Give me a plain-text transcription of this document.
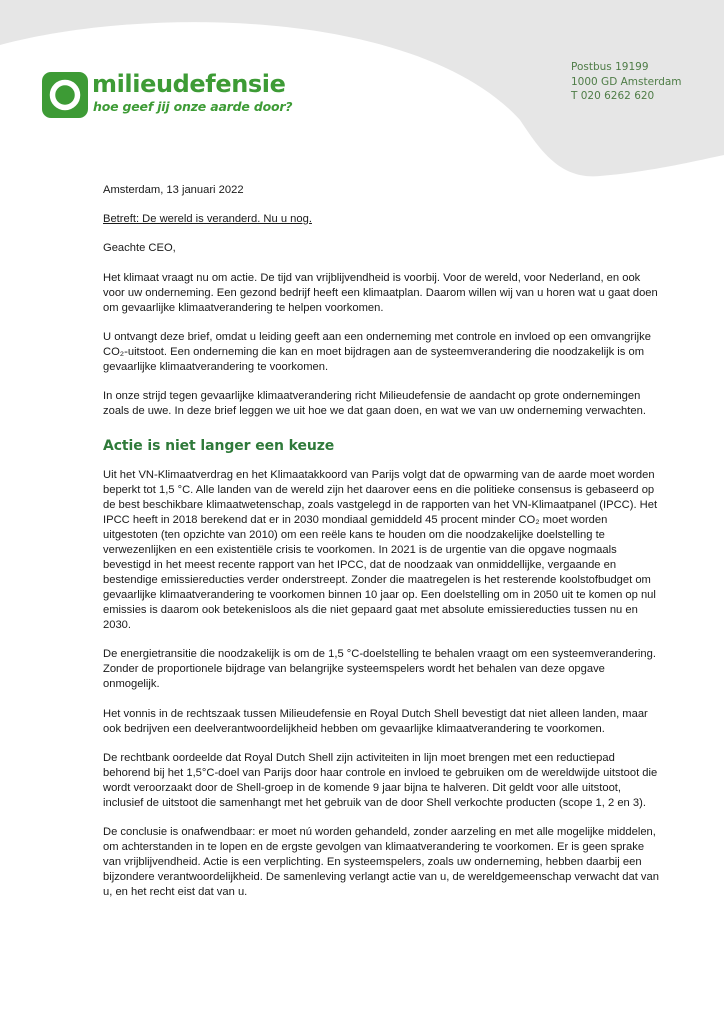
milieudefensie
hoe geef jij onze aarde door?
Postbus 19199
1000 GD Amsterdam
T 020 6262 620

Amsterdam, 13 januari 2022

Betreft: De wereld is veranderd. Nu u nog.

Geachte CEO,

Het klimaat vraagt nu om actie. De tijd van vrijblijvendheid is voorbij. Voor de wereld, voor Nederland, en ook voor uw onderneming. Een gezond bedrijf heeft een klimaatplan. Daarom willen wij van u horen wat u gaat doen om gevaarlijke klimaatverandering te helpen voorkomen.

U ontvangt deze brief, omdat u leiding geeft aan een onderneming met controle en invloed op een omvangrijke CO₂-uitstoot. Een onderneming die kan en moet bijdragen aan de systeemverandering die noodzakelijk is om gevaarlijke klimaatverandering te voorkomen.

In onze strijd tegen gevaarlijke klimaatverandering richt Milieudefensie de aandacht op grote ondernemingen zoals de uwe. In deze brief leggen we uit hoe we dat gaan doen, en wat we van uw onderneming verwachten.

Actie is niet langer een keuze

Uit het VN-Klimaatverdrag en het Klimaatakkoord van Parijs volgt dat de opwarming van de aarde moet worden beperkt tot 1,5 °C. Alle landen van de wereld zijn het daarover eens en die politieke consensus is gebaseerd op de best beschikbare klimaatwetenschap, zoals vastgelegd in de rapporten van het VN-Klimaatpanel (IPCC). Het IPCC heeft in 2018 berekend dat er in 2030 mondiaal gemiddeld 45 procent minder CO₂ moet worden uitgestoten (ten opzichte van 2010) om een reële kans te houden om die noodzakelijke doelstelling te verwezenlijken en een existentiële crisis te voorkomen. In 2021 is de urgentie van die opgave nogmaals bevestigd in het meest recente rapport van het IPCC, dat de noodzaak van onmiddellijke, vergaande en bestendige emissiereducties verder onderstreept. Zonder die maatregelen is het resterende koolstofbudget om gevaarlijke klimaatverandering te voorkomen binnen 10 jaar op. Een doelstelling om in 2050 uit te komen op nul emissies is daarom ook betekenisloos als die niet gepaard gaat met absolute emissiereducties tussen nu en 2030.

De energietransitie die noodzakelijk is om de 1,5 °C-doelstelling te behalen vraagt om een systeemverandering. Zonder de proportionele bijdrage van belangrijke systeemspelers wordt het behalen van deze opgave onmogelijk.

Het vonnis in de rechtszaak tussen Milieudefensie en Royal Dutch Shell bevestigt dat niet alleen landen, maar ook bedrijven een deelverantwoordelijkheid hebben om gevaarlijke klimaatverandering te voorkomen.

De rechtbank oordeelde dat Royal Dutch Shell zijn activiteiten in lijn moet brengen met een reductiepad behorend bij het 1,5°C-doel van Parijs door haar controle en invloed te gebruiken om de wereldwijde uitstoot die wordt veroorzaakt door de Shell-groep in de komende 9 jaar bijna te halveren. Dit geldt voor alle uitstoot, inclusief de uitstoot die samenhangt met het gebruik van de door Shell verkochte producten (scope 1, 2 en 3).

De conclusie is onafwendbaar: er moet nú worden gehandeld, zonder aarzeling en met alle mogelijke middelen, om achterstanden in te lopen en de ergste gevolgen van klimaatverandering te voorkomen. Er is geen sprake van vrijblijvendheid. Actie is een verplichting. En systeemspelers, zoals uw onderneming, hebben daarbij een bijzondere verantwoordelijkheid. De samenleving verlangt actie van u, de wereldgemeenschap verwacht dat van u, en het recht eist dat van u.
